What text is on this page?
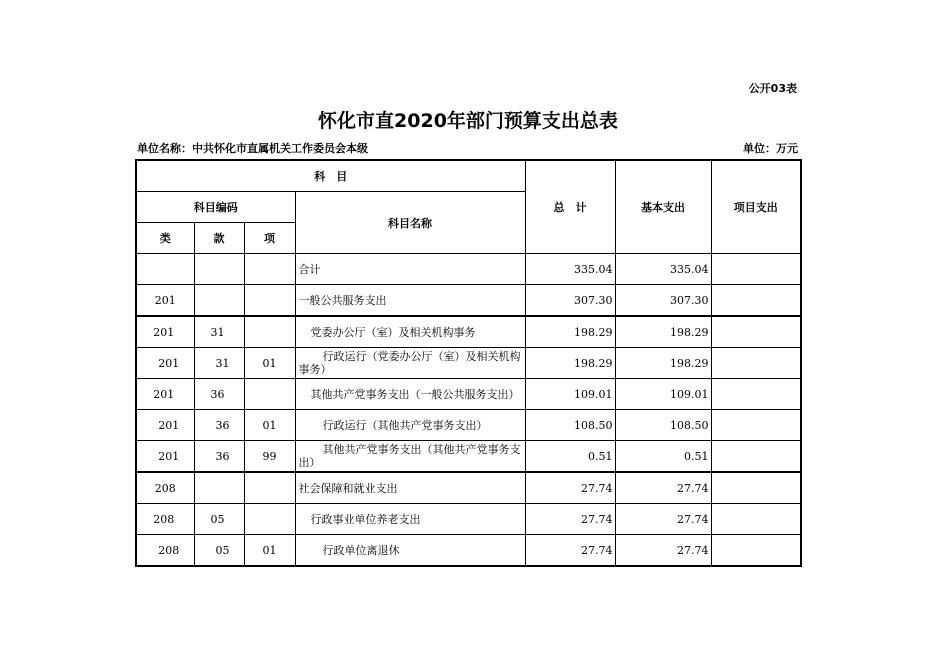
公开03表
怀化市直2020年部门预算支出总表
单位名称：中共怀化市直属机关工作委员会本级	单位：万元
科　目				总　计	基本支出	项目支出
科目编码			科目名称			
类	款	项				
			合计	335.04	335.04	
201			一般公共服务支出	307.30	307.30	
201	31		党委办公厅（室）及相关机构事务	198.29	198.29	
201	31	01	行政运行（党委办公厅（室）及相关机构事务）	198.29	198.29	
201	36		其他共产党事务支出（一般公共服务支出）	109.01	109.01	
201	36	01	行政运行（其他共产党事务支出）	108.50	108.50	
201	36	99	其他共产党事务支出（其他共产党事务支出）	0.51	0.51	
208			社会保障和就业支出	27.74	27.74	
208	05		行政事业单位养老支出	27.74	27.74	
208	05	01	行政单位离退休	27.74	27.74	
